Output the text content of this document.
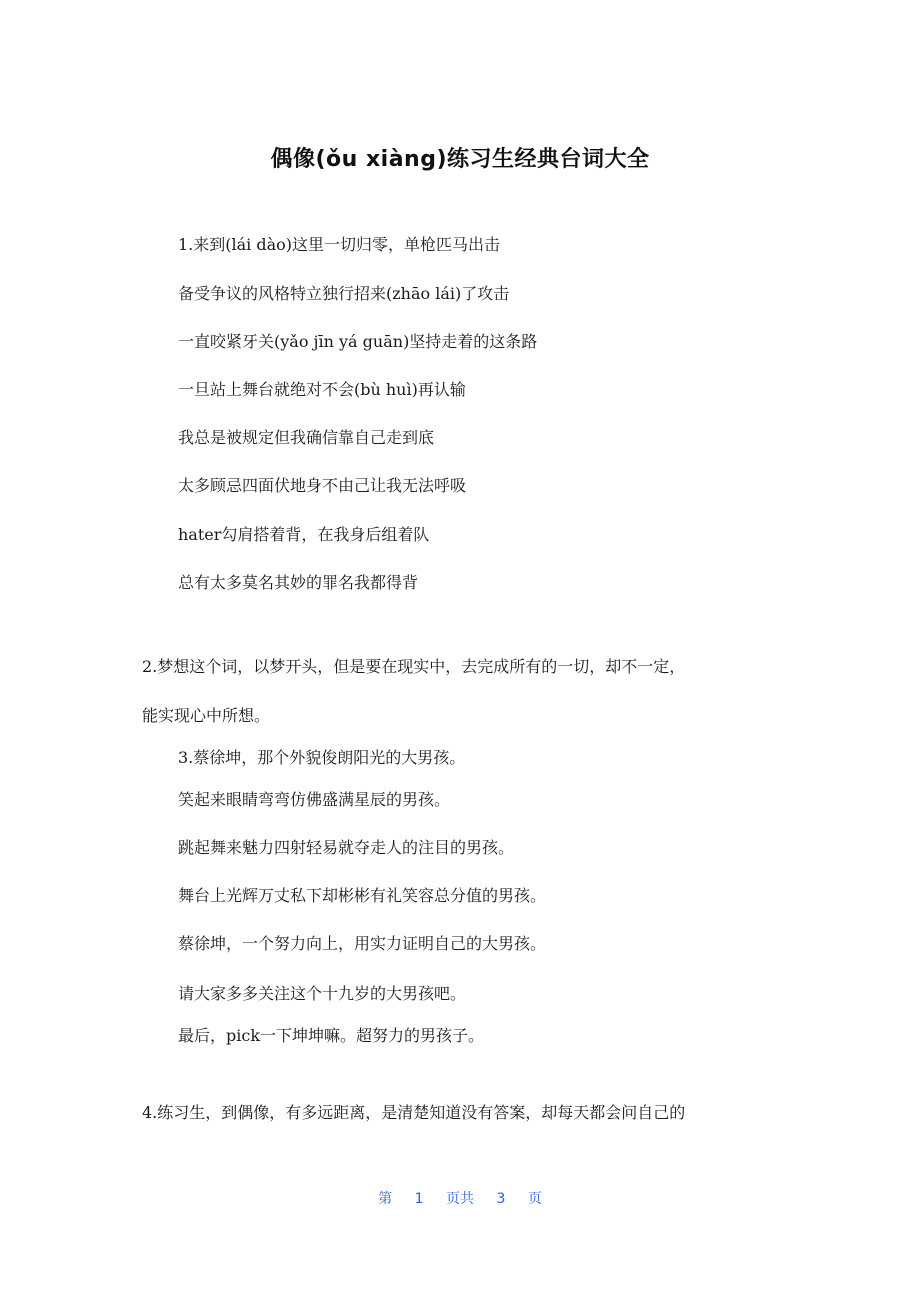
偶像(ǒu xiàng)练习生经典台词大全
1.来到(lái dào)这里一切归零，单枪匹马出击
备受争议的风格特立独行招来(zhāo lái)了攻击
一直咬紧牙关(yǎo jīn yá guān)坚持走着的这条路
一旦站上舞台就绝对不会(bù huì)再认输
我总是被规定但我确信靠自己走到底
太多顾忌四面伏地身不由己让我无法呼吸
hater勾肩搭着背，在我身后组着队
总有太多莫名其妙的罪名我都得背
2.梦想这个词，以梦开头，但是要在现实中，去完成所有的一切，却不一定，
能实现心中所想。
3.蔡徐坤，那个外貌俊朗阳光的大男孩。
笑起来眼睛弯弯仿佛盛满星辰的男孩。
跳起舞来魅力四射轻易就夺走人的注目的男孩。
舞台上光辉万丈私下却彬彬有礼笑容总分值的男孩。
蔡徐坤，一个努力向上，用实力证明自己的大男孩。
请大家多多关注这个十九岁的大男孩吧。
最后，pick一下坤坤嘛。超努力的男孩子。
4.练习生，到偶像，有多远距离，是清楚知道没有答案，却每天都会问自己的
第 1 页共 3 页
